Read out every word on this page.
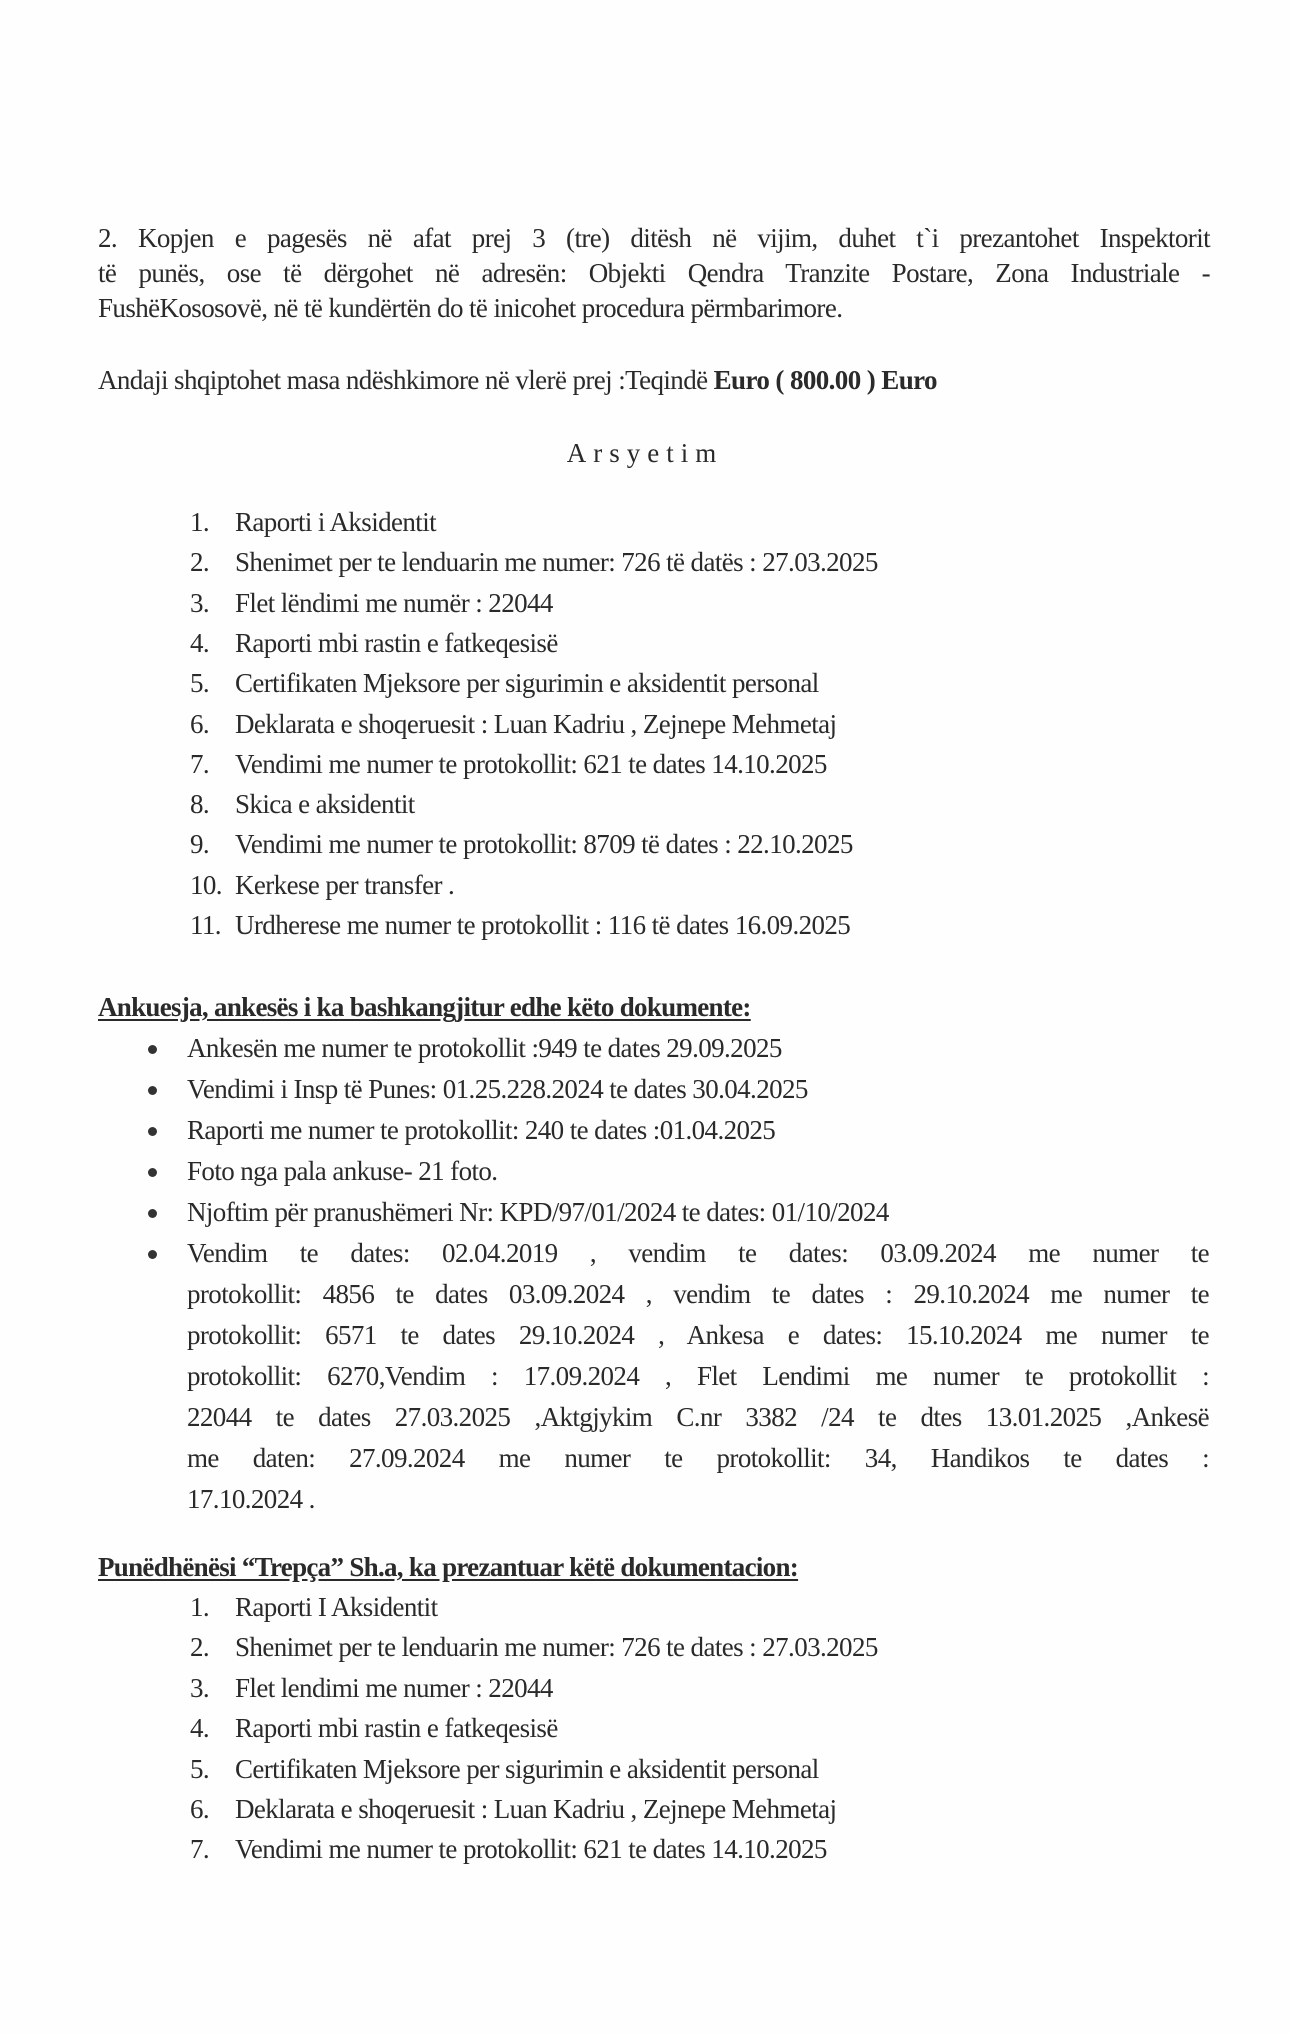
2. Kopjen e pagesës në afat prej 3 (tre) ditësh në vijim, duhet t`i prezantohet Inspektorit
të punës, ose të dërgohet në adresën: Objekti Qendra Tranzite Postare, Zona Industriale -
FushëKososovë, në të kundërtën do të inicohet procedura përmbarimore.
Andaji shqiptohet masa ndëshkimore në vlerë prej :Teqindë Euro ( 800.00 ) Euro
Arsyetim
1. Raporti i Aksidentit
2. Shenimet per te lenduarin me numer: 726 të datës : 27.03.2025
3. Flet lëndimi me numër : 22044
4. Raporti mbi rastin e fatkeqesisë
5. Certifikaten Mjeksore per sigurimin e aksidentit personal
6. Deklarata e shoqeruesit : Luan Kadriu , Zejnepe Mehmetaj
7. Vendimi me numer te protokollit: 621 te dates 14.10.2025
8. Skica e aksidentit
9. Vendimi me numer te protokollit: 8709 të dates : 22.10.2025
10. Kerkese per transfer .
11. Urdherese me numer te protokollit : 116 të dates 16.09.2025
Ankuesja, ankesës i ka bashkangjitur edhe këto dokumente:
Ankesën me numer te protokollit :949 te dates 29.09.2025
Vendimi i Insp të Punes: 01.25.228.2024 te dates 30.04.2025
Raporti me numer te protokollit: 240 te dates :01.04.2025
Foto nga pala ankuse- 21 foto.
Njoftim për pranushëmeri Nr: KPD/97/01/2024 te dates: 01/10/2024
Vendim te dates: 02.04.2019 , vendim te dates: 03.09.2024 me numer te
protokollit: 4856 te dates 03.09.2024 , vendim te dates : 29.10.2024 me numer te
protokollit: 6571 te dates 29.10.2024 , Ankesa e dates: 15.10.2024 me numer te
protokollit: 6270,Vendim : 17.09.2024 , Flet Lendimi me numer te protokollit :
22044 te dates 27.03.2025 ,Aktgjykim C.nr 3382 /24 te dtes 13.01.2025 ,Ankesë
me daten: 27.09.2024 me numer te protokollit: 34, Handikos te dates :
17.10.2024 .
Punëdhënësi “Trepça” Sh.a, ka prezantuar këtë dokumentacion:
1. Raporti I Aksidentit
2. Shenimet per te lenduarin me numer: 726 te dates : 27.03.2025
3. Flet lendimi me numer : 22044
4. Raporti mbi rastin e fatkeqesisë
5. Certifikaten Mjeksore per sigurimin e aksidentit personal
6. Deklarata e shoqeruesit : Luan Kadriu , Zejnepe Mehmetaj
7. Vendimi me numer te protokollit: 621 te dates 14.10.2025
